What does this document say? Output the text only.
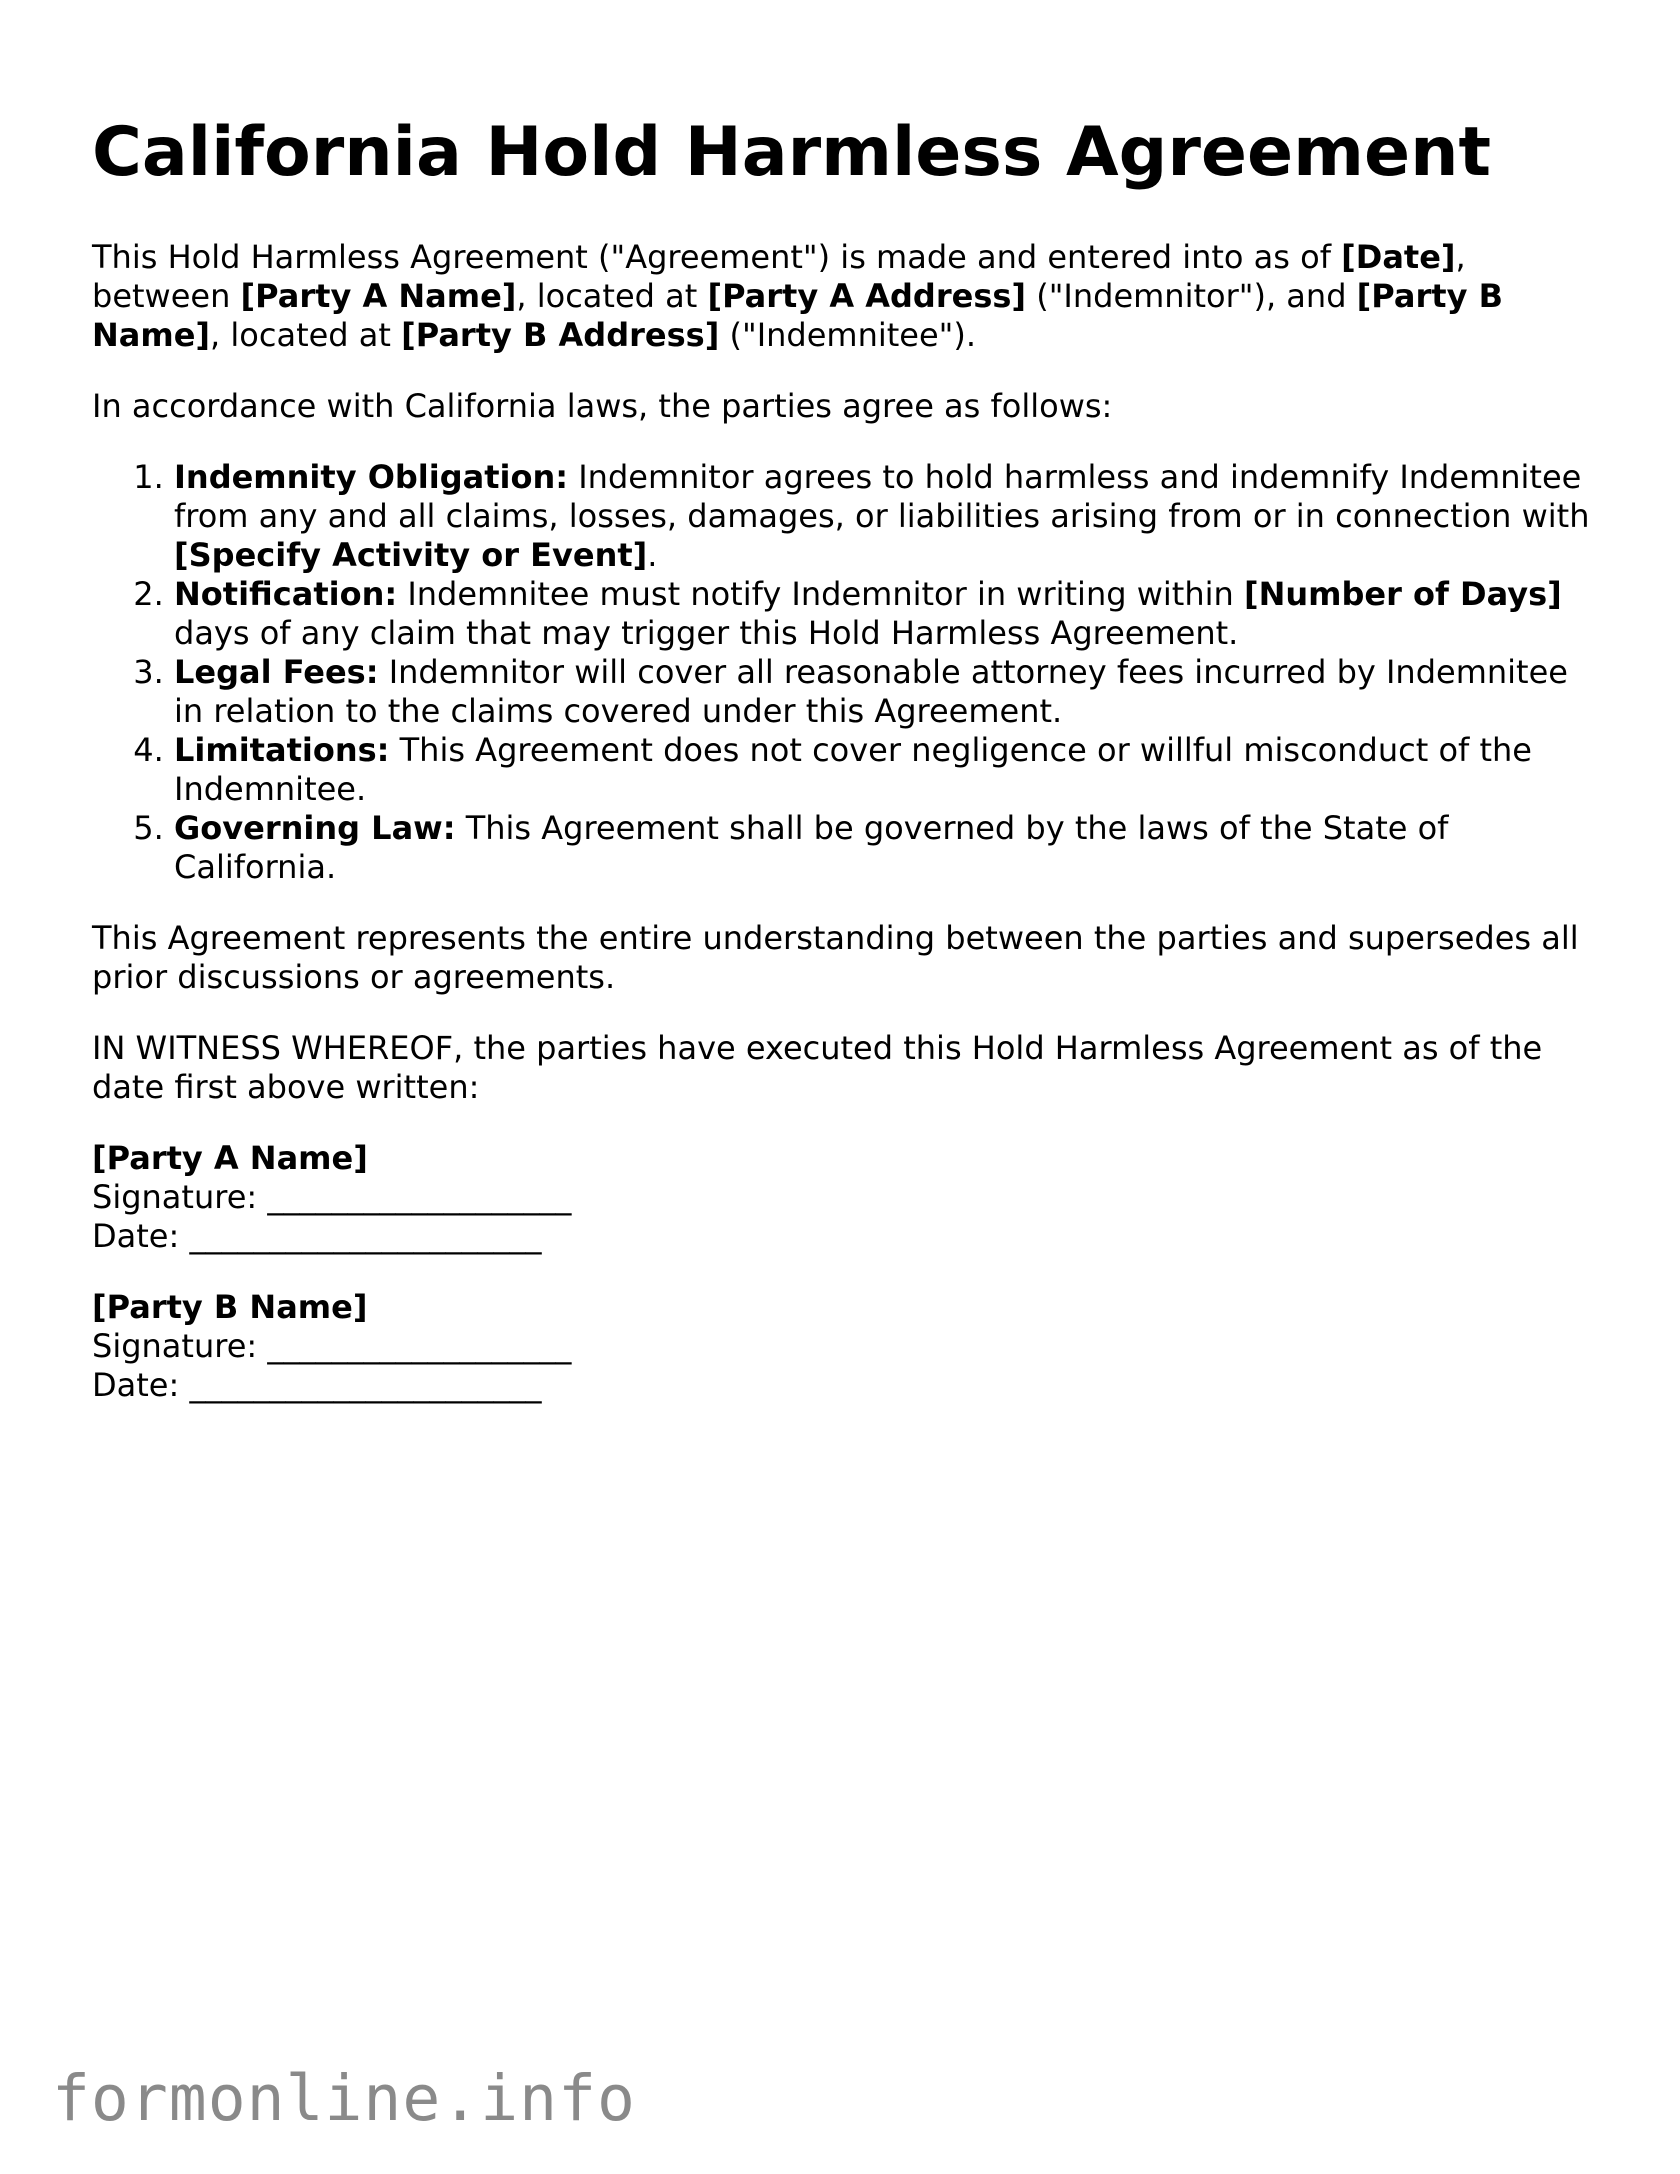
California Hold Harmless Agreement

This Hold Harmless Agreement ("Agreement") is made and entered into as of [Date], between [Party A Name], located at [Party A Address] ("Indemnitor"), and [Party B Name], located at [Party B Address] ("Indemnitee").

In accordance with California laws, the parties agree as follows:

1. Indemnity Obligation: Indemnitor agrees to hold harmless and indemnify Indemnitee from any and all claims, losses, damages, or liabilities arising from or in connection with [Specify Activity or Event].
2. Notification: Indemnitee must notify Indemnitor in writing within [Number of Days] days of any claim that may trigger this Hold Harmless Agreement.
3. Legal Fees: Indemnitor will cover all reasonable attorney fees incurred by Indemnitee in relation to the claims covered under this Agreement.
4. Limitations: This Agreement does not cover negligence or willful misconduct of the Indemnitee.
5. Governing Law: This Agreement shall be governed by the laws of the State of California.

This Agreement represents the entire understanding between the parties and supersedes all prior discussions or agreements.

IN WITNESS WHEREOF, the parties have executed this Hold Harmless Agreement as of the date first above written:

[Party A Name]
Signature: ___________________
Date: ______________________
[Party B Name]
Signature: ___________________
Date: ______________________
formonline.info
